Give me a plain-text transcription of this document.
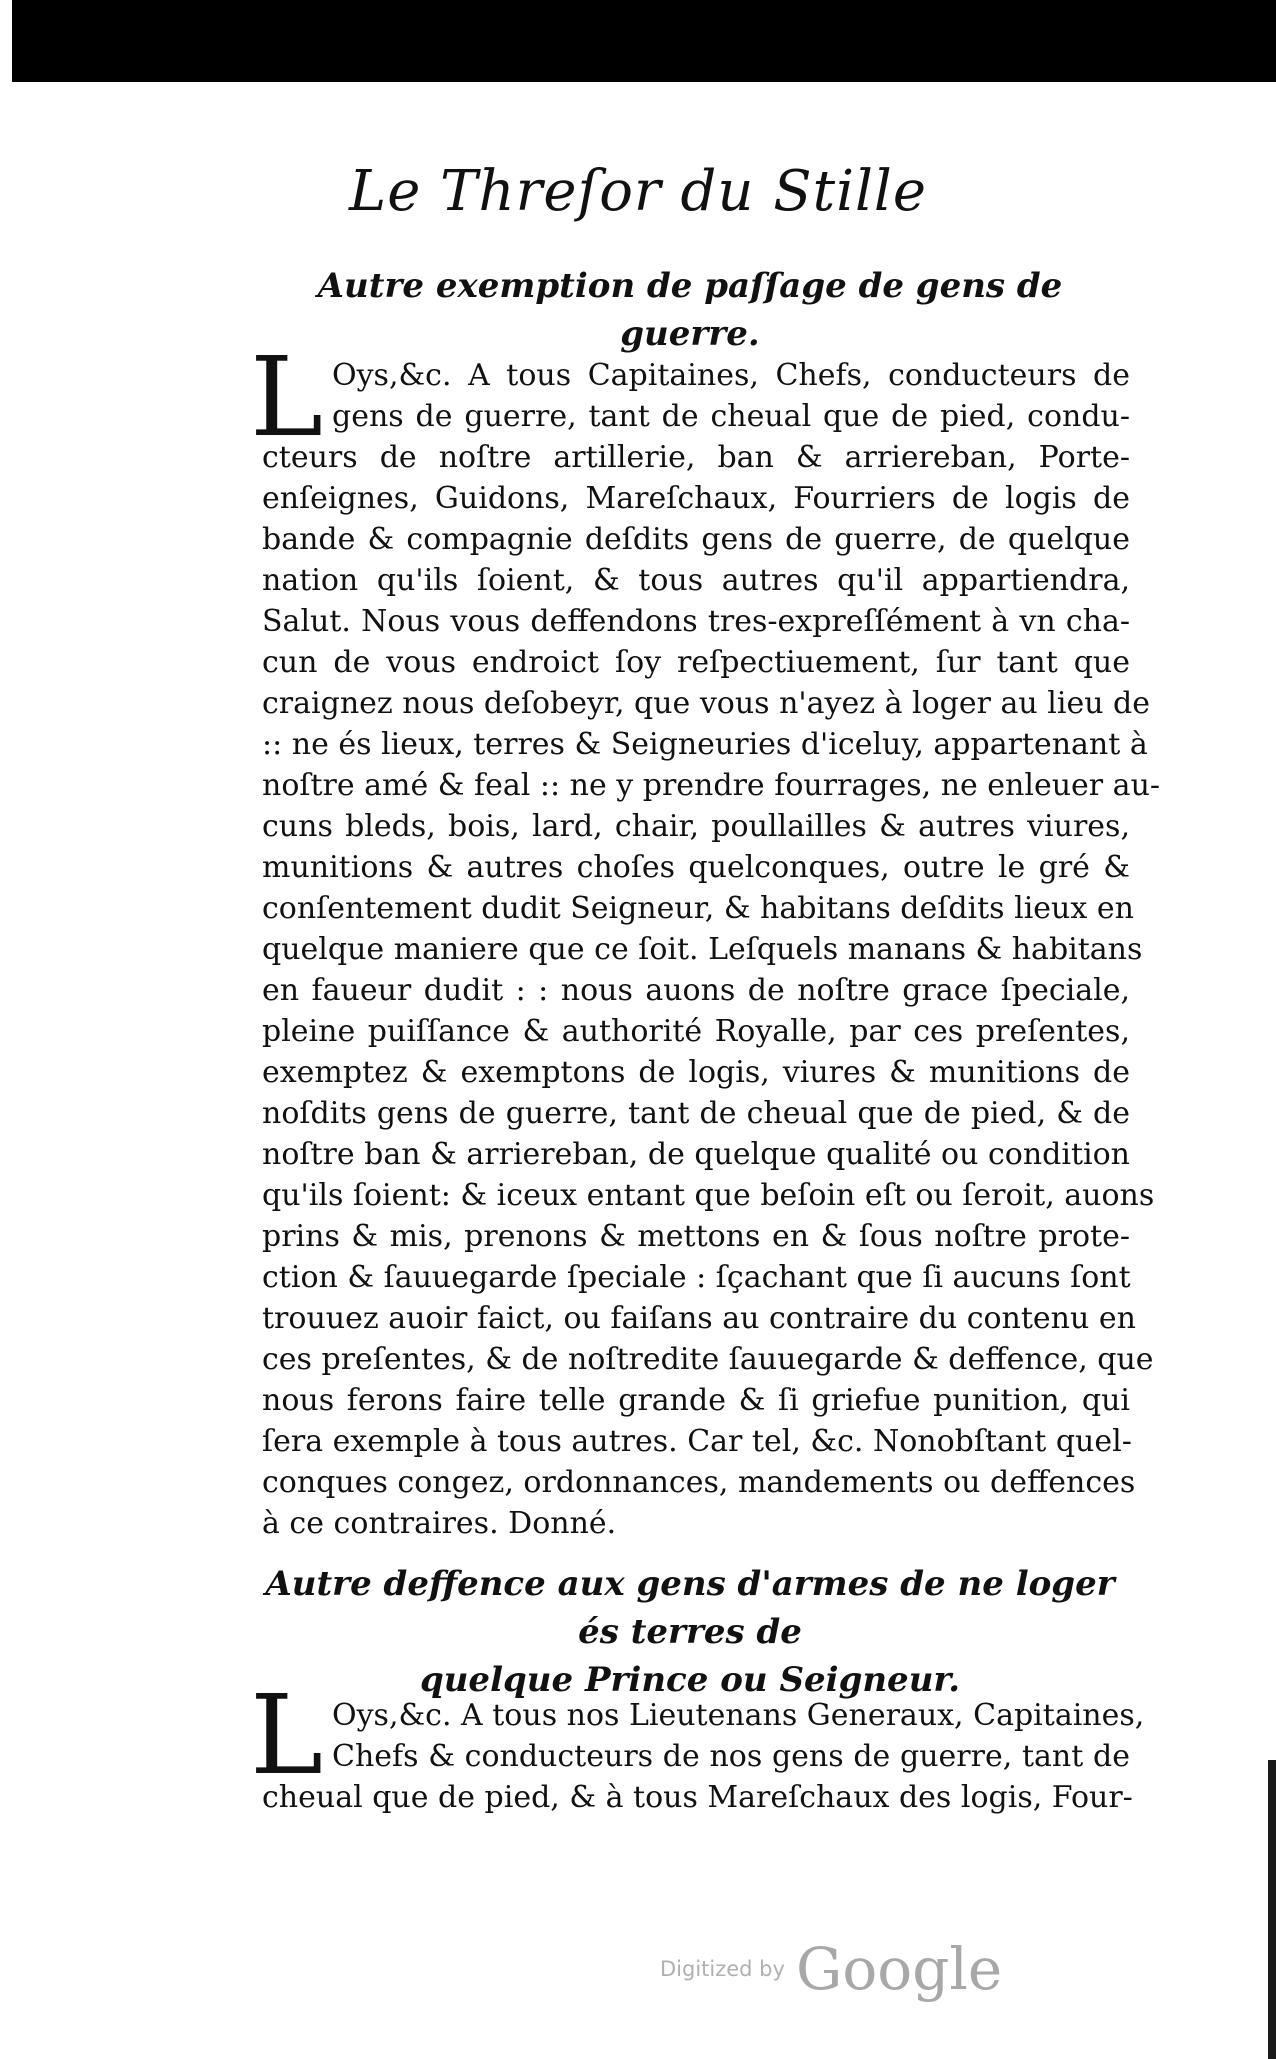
Le Threſor du Stille
Autre exemption de paſſage de gens de guerre.
L Oys,&c. A tous Capitaines, Chefs, conducteurs de
gens de guerre, tant de cheual que de pied, condu-
cteurs de noſtre artillerie, ban & arriereban, Porte-
enſeignes, Guidons, Mareſchaux, Fourriers de logis de
bande & compagnie deſdits gens de guerre, de quelque
nation qu'ils ſoient, & tous autres qu'il appartiendra,
Salut. Nous vous deffendons tres-expreſſément à vn cha-
cun de vous endroict ſoy reſpectiuement, ſur tant que
craignez nous deſobeyr, que vous n'ayez à loger au lieu de
:: ne és lieux, terres & Seigneuries d'iceluy, appartenant à
noſtre amé & feal :: ne y prendre fourrages, ne enleuer au-
cuns bleds, bois, lard, chair, poullailles & autres viures,
munitions & autres choſes quelconques, outre le gré &
conſentement dudit Seigneur, & habitans deſdits lieux en
quelque maniere que ce ſoit. Leſquels manans & habitans
en faueur dudit : : nous auons de noſtre grace ſpeciale,
pleine puiſſance & authorité Royalle, par ces preſentes,
exemptez & exemptons de logis, viures & munitions de
noſdits gens de guerre, tant de cheual que de pied, & de
noſtre ban & arriereban, de quelque qualité ou condition
qu'ils ſoient: & iceux entant que beſoin eſt ou ſeroit, auons
prins & mis, prenons & mettons en & ſous noſtre prote-
ction & ſauuegarde ſpeciale : ſçachant que ſi aucuns ſont
trouuez auoir faict, ou faiſans au contraire du contenu en
ces preſentes, & de noſtredite ſauuegarde & deffence, que
nous ferons faire telle grande & ſi griefue punition, qui
ſera exemple à tous autres. Car tel, &c. Nonobſtant quel-
conques congez, ordonnances, mandements ou deffences
à ce contraires. Donné.
Autre deffence aux gens d'armes de ne loger és terres de
quelque Prince ou Seigneur.
L Oys,&c. A tous nos Lieutenans Generaux, Capitaines,
Chefs & conducteurs de nos gens de guerre, tant de
cheual que de pied, & à tous Mareſchaux des logis, Four-
Digitized by Google
